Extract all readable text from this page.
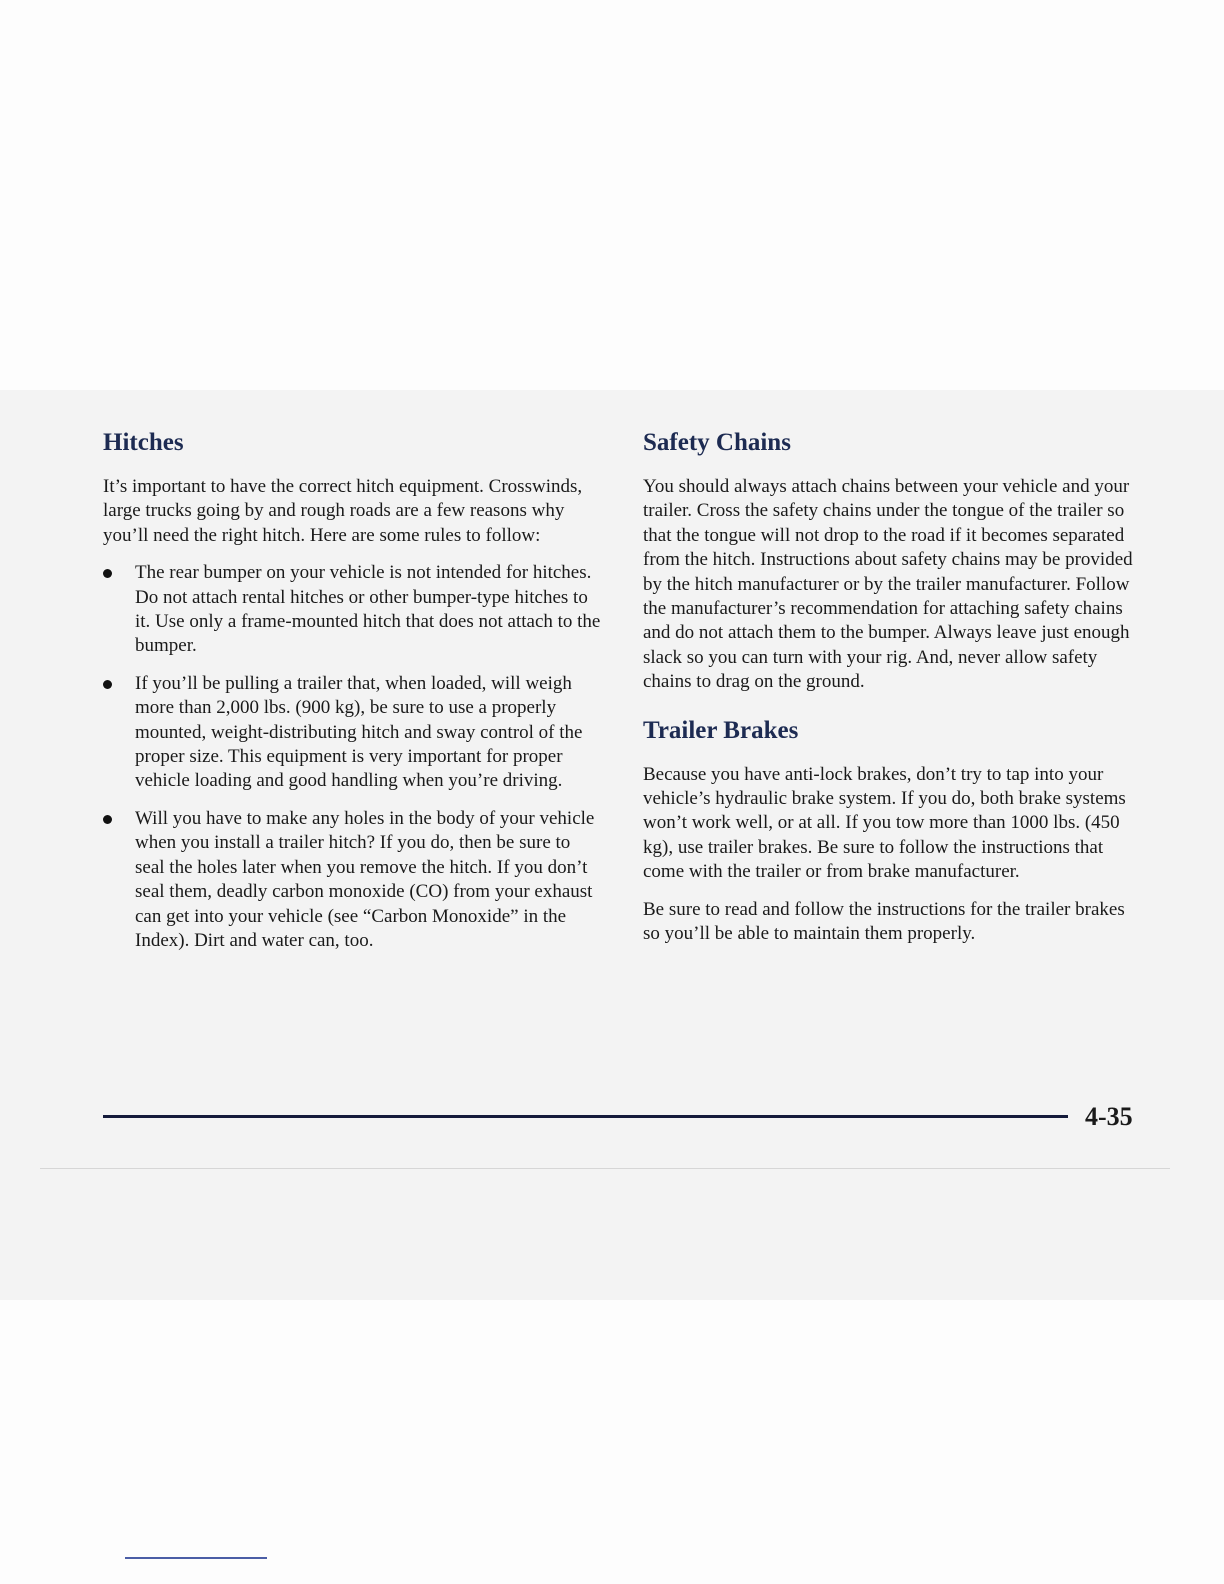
Hitches

It’s important to have the correct hitch equipment. Crosswinds, large trucks going by and rough roads are a few reasons why you’ll need the right hitch. Here are some rules to follow:

The rear bumper on your vehicle is not intended for hitches. Do not attach rental hitches or other bumper-type hitches to it. Use only a frame-mounted hitch that does not attach to the bumper.
If you’ll be pulling a trailer that, when loaded, will weigh more than 2,000 lbs. (900 kg), be sure to use a properly mounted, weight-distributing hitch and sway control of the proper size. This equipment is very important for proper vehicle loading and good handling when you’re driving.
Will you have to make any holes in the body of your vehicle when you install a trailer hitch? If you do, then be sure to seal the holes later when you remove the hitch. If you don’t seal them, deadly carbon monoxide (CO) from your exhaust can get into your vehicle (see “Carbon Monoxide” in the Index). Dirt and water can, too.
Safety Chains

You should always attach chains between your vehicle and your trailer. Cross the safety chains under the tongue of the trailer so that the tongue will not drop to the road if it becomes separated from the hitch. Instructions about safety chains may be provided by the hitch manufacturer or by the trailer manufacturer. Follow the manufacturer’s recommendation for attaching safety chains and do not attach them to the bumper. Always leave just enough slack so you can turn with your rig. And, never allow safety chains to drag on the ground.

Trailer Brakes

Because you have anti-lock brakes, don’t try to tap into your vehicle’s hydraulic brake system. If you do, both brake systems won’t work well, or at all. If you tow more than 1000 lbs. (450 kg), use trailer brakes. Be sure to follow the instructions that come with the trailer or from brake manufacturer.

Be sure to read and follow the instructions for the trailer brakes so you’ll be able to maintain them properly.

4-35
